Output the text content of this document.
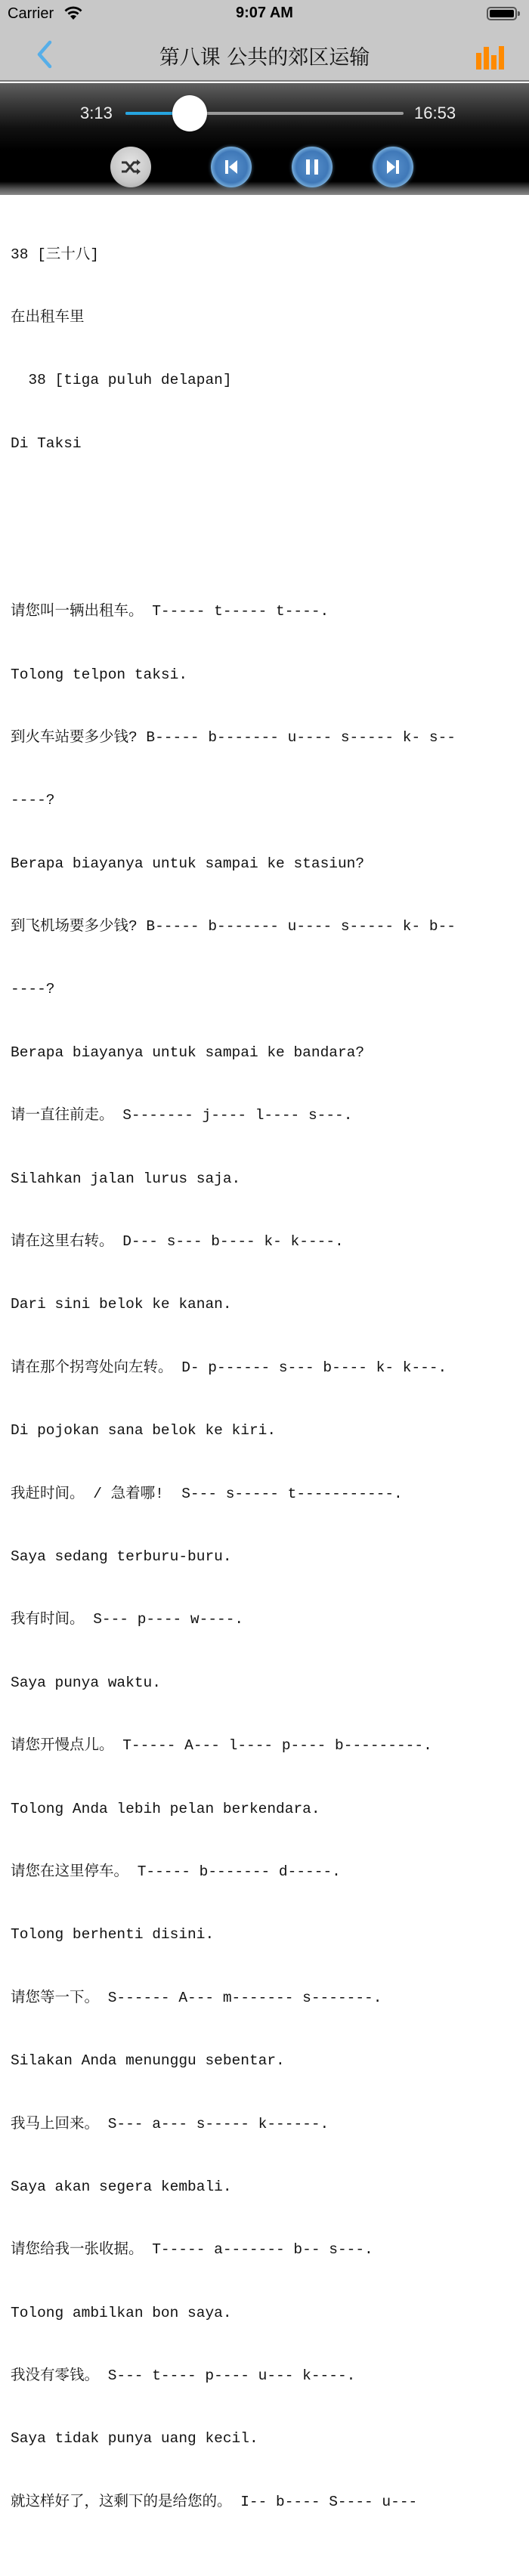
Carrier	9:07 AM
第八课 公共的郊区运输
3:13	16:53

38 [三十八]

在出租车里

38 [tiga puluh delapan]

Di Taksi

请您叫一辆出租车。 T----- t----- t----.

Tolong telpon taksi.

到火车站要多少钱? B----- b------- u---- s----- k- s--

----?

Berapa biayanya untuk sampai ke stasiun?

到飞机场要多少钱? B----- b------- u---- s----- k- b--

----?

Berapa biayanya untuk sampai ke bandara?

请一直往前走。 S------- j---- l---- s---.

Silahkan jalan lurus saja.

请在这里右转。 D--- s--- b---- k- k----.

Dari sini belok ke kanan.

请在那个拐弯处向左转。 D- p------ s--- b---- k- k---.

Di pojokan sana belok ke kiri.

我赶时间。 / 急着哪!  S--- s----- t-----------.

Saya sedang terburu-buru.

我有时间。 S--- p---- w----.

Saya punya waktu.

请您开慢点儿。 T----- A--- l---- p---- b---------.

Tolong Anda lebih pelan berkendara.

请您在这里停车。 T----- b------- d-----.

Tolong berhenti disini.

请您等一下。 S------ A--- m------- s-------.

Silakan Anda menunggu sebentar.

我马上回来。 S--- a--- s----- k------.

Saya akan segera kembali.

请您给我一张收据。 T----- a------- b-- s---.

Tolong ambilkan bon saya.

我没有零钱。 S--- t---- p---- u--- k----.

Saya tidak punya uang kecil.

就这样好了，这剩下的是给您的。 I-- b---- S---- u---
